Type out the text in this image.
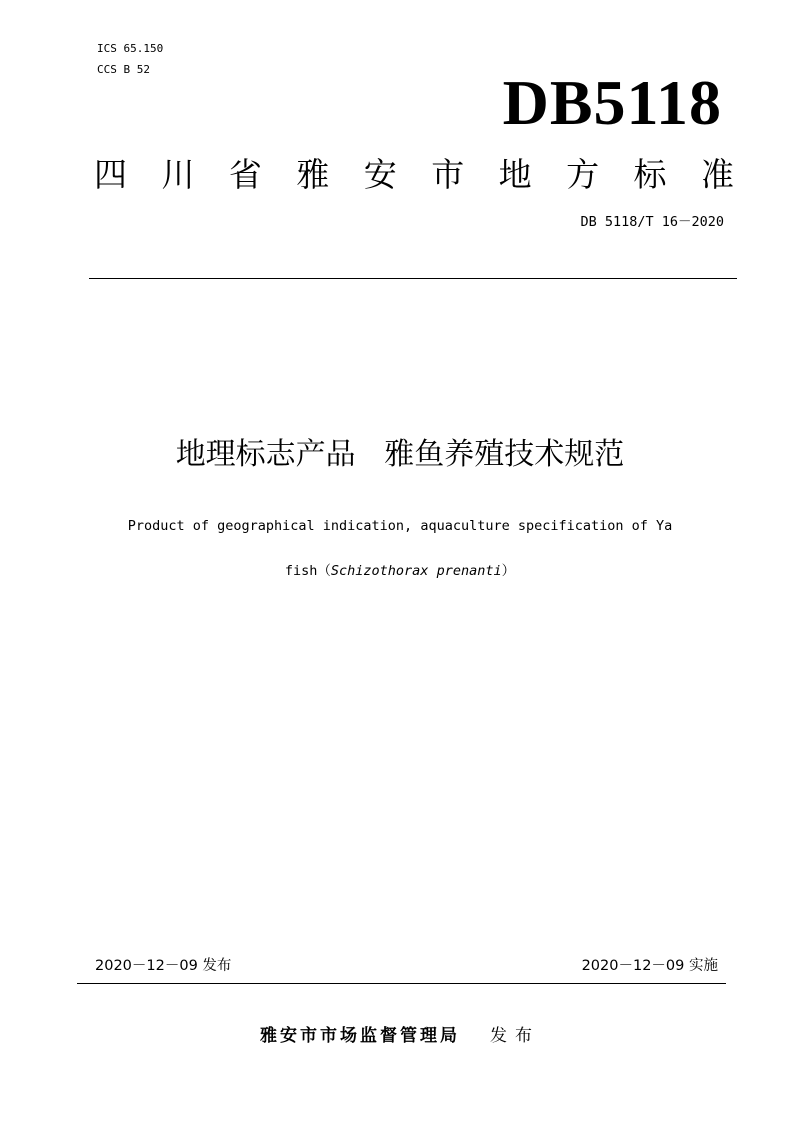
ICS 65.150
CCS B 52	DB5118
四 川 省 雅 安 市 地 方 标 准
DB 5118/T 16－2020
地理标志产品   雅鱼养殖技术规范
Product of geographical indication, aquaculture specification of Ya
fish（Schizothorax prenanti）
2020－12－09 发布	2020－12－09 实施
雅安市市场监督管理局 发布
